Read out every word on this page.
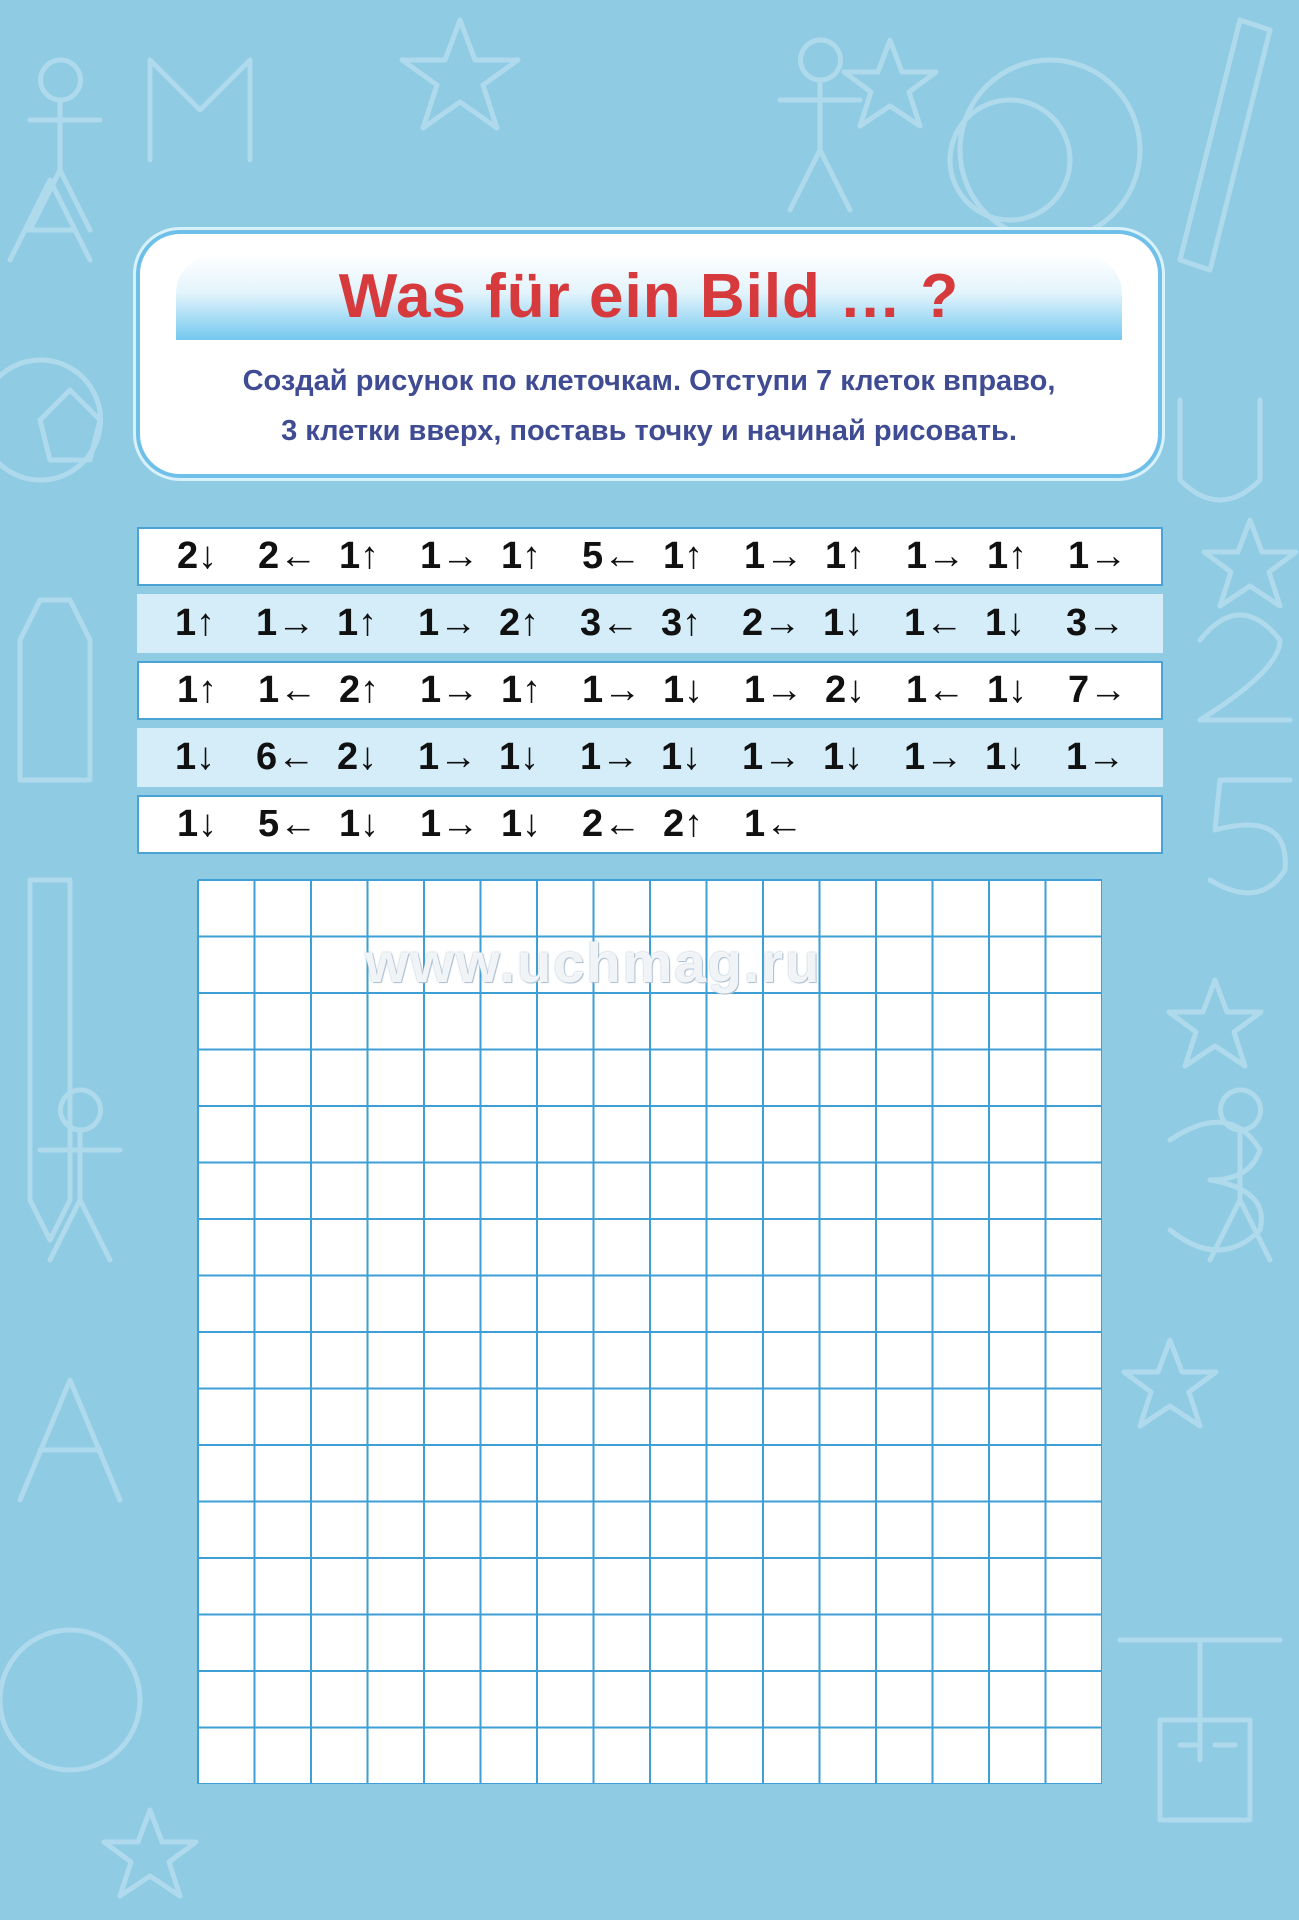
Was für ein Bild … ?
Создай рисунок по клеточкам. Отступи 7 клеток вправо,
3 клетки вверх, поставь точку и начинай рисовать.
2↓	2← 1↑	1→ 1↑	5← 1↑	1→ 1↑	1→ 1↑	1→
1↑	1→ 1↑	1→ 2↑	3← 3↑	2→ 1↓	1← 1↓	3→
1↑	1← 2↑	1→ 1↑	1→ 1↓	1→ 2↓	1← 1↓	7→
1↓	6← 2↓	1→ 1↓	1→ 1↓	1→ 1↓	1→ 1↓	1→
1↓	5← 1↓	1→ 1↓	2← 2↑	1←
www.uchmag.ru
